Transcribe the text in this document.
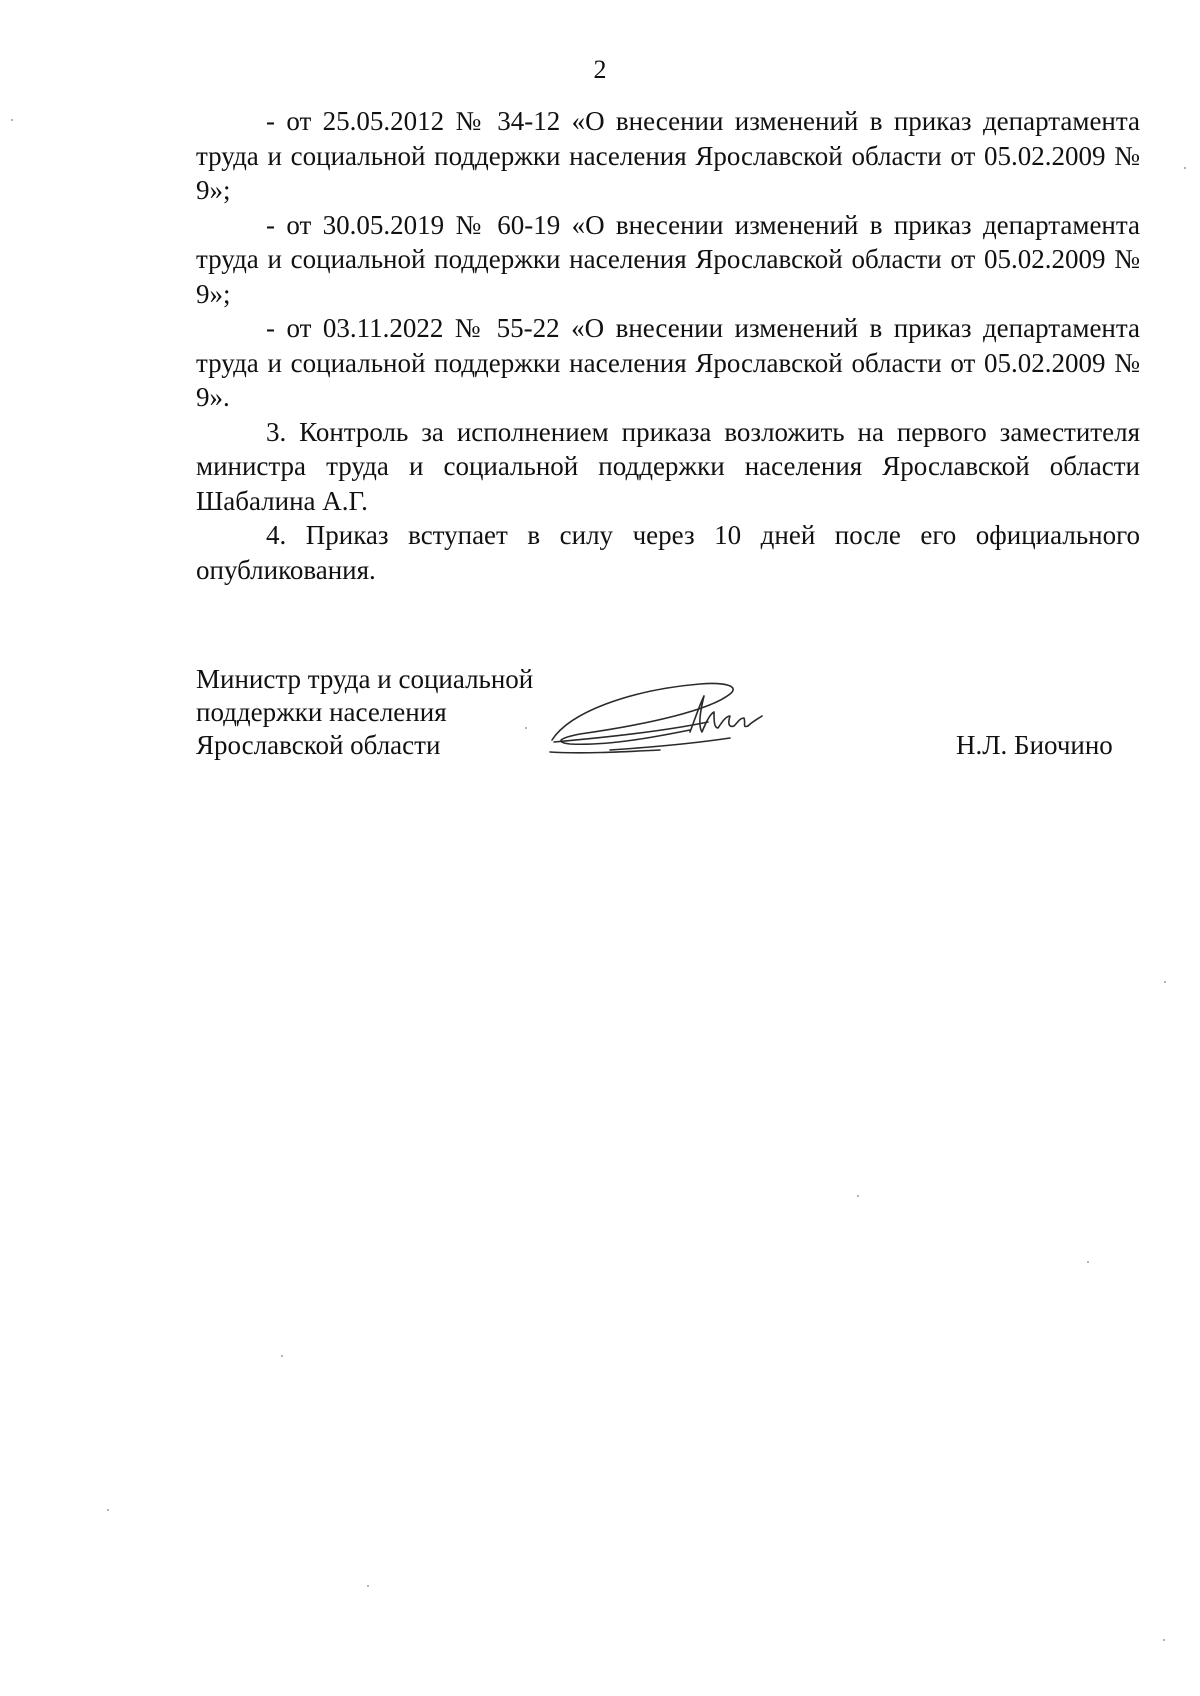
2

- от 25.05.2012 № 34-12 «О внесении изменений в приказ департамента труда и социальной поддержки населения Ярославской области от 05.02.2009 № 9»;

- от 30.05.2019 № 60-19 «О внесении изменений в приказ департамента труда и социальной поддержки населения Ярославской области от 05.02.2009 № 9»;

- от 03.11.2022 № 55-22 «О внесении изменений в приказ департамента труда и социальной поддержки населения Ярославской области от 05.02.2009 № 9».

3. Контроль за исполнением приказа возложить на первого заместителя министра труда и социальной поддержки населения Ярославской области Шабалина А.Г.

4. Приказ вступает в силу через 10 дней после его официального опубликования.

Министр труда и социальной
поддержки населения
Ярославской области	Н.Л. Биочино
